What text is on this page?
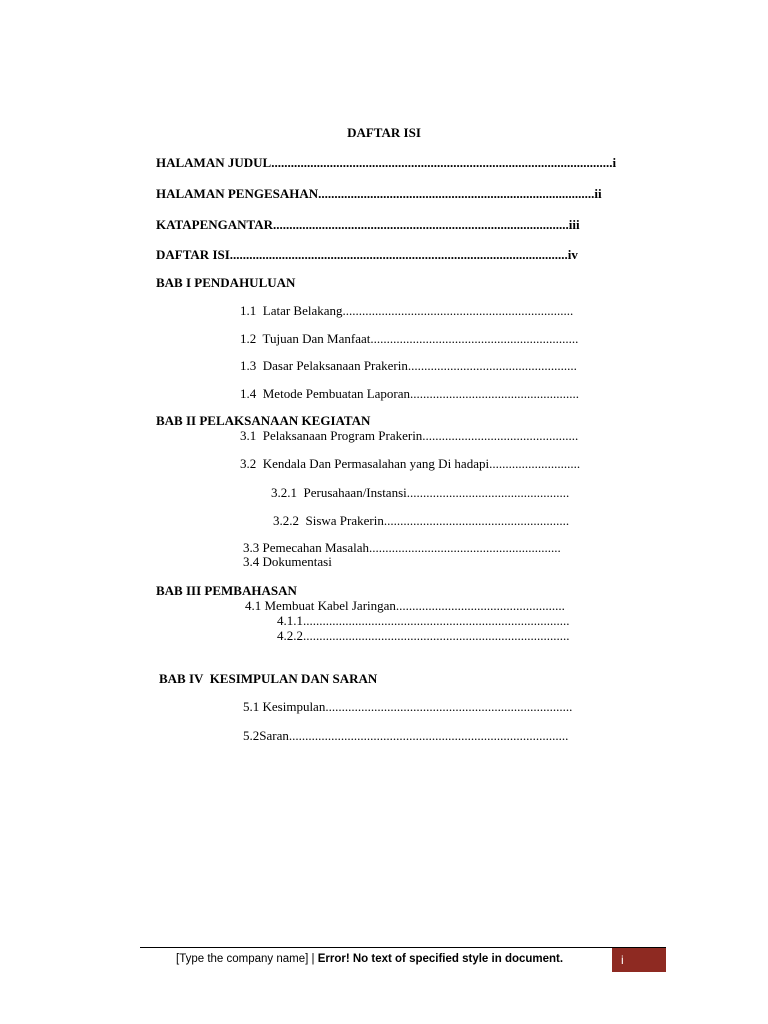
DAFTAR ISI
HALAMAN JUDUL.........................................................................................................i
HALAMAN PENGESAHAN.....................................................................................ii
KATAPENGANTAR...........................................................................................iii
DAFTAR ISI........................................................................................................iv
BAB I PENDAHULUAN
1.1  Latar Belakang.......................................................................
1.2  Tujuan Dan Manfaat................................................................
1.3  Dasar Pelaksanaan Prakerin....................................................
1.4  Metode Pembuatan Laporan....................................................
BAB II PELAKSANAAN KEGIATAN
3.1  Pelaksanaan Program Prakerin................................................
3.2  Kendala Dan Permasalahan yang Di hadapi............................
3.2.1  Perusahaan/Instansi..................................................
3.2.2  Siswa Prakerin.........................................................
3.3 Pemecahan Masalah...........................................................
3.4 Dokumentasi
BAB III PEMBAHASAN
4.1 Membuat Kabel Jaringan....................................................
4.1.1..................................................................................
4.2.2..................................................................................
BAB IV  KESIMPULAN DAN SARAN
5.1 Kesimpulan............................................................................
5.2Saran......................................................................................
[Type the company name] | Error! No text of specified style in document.	i
